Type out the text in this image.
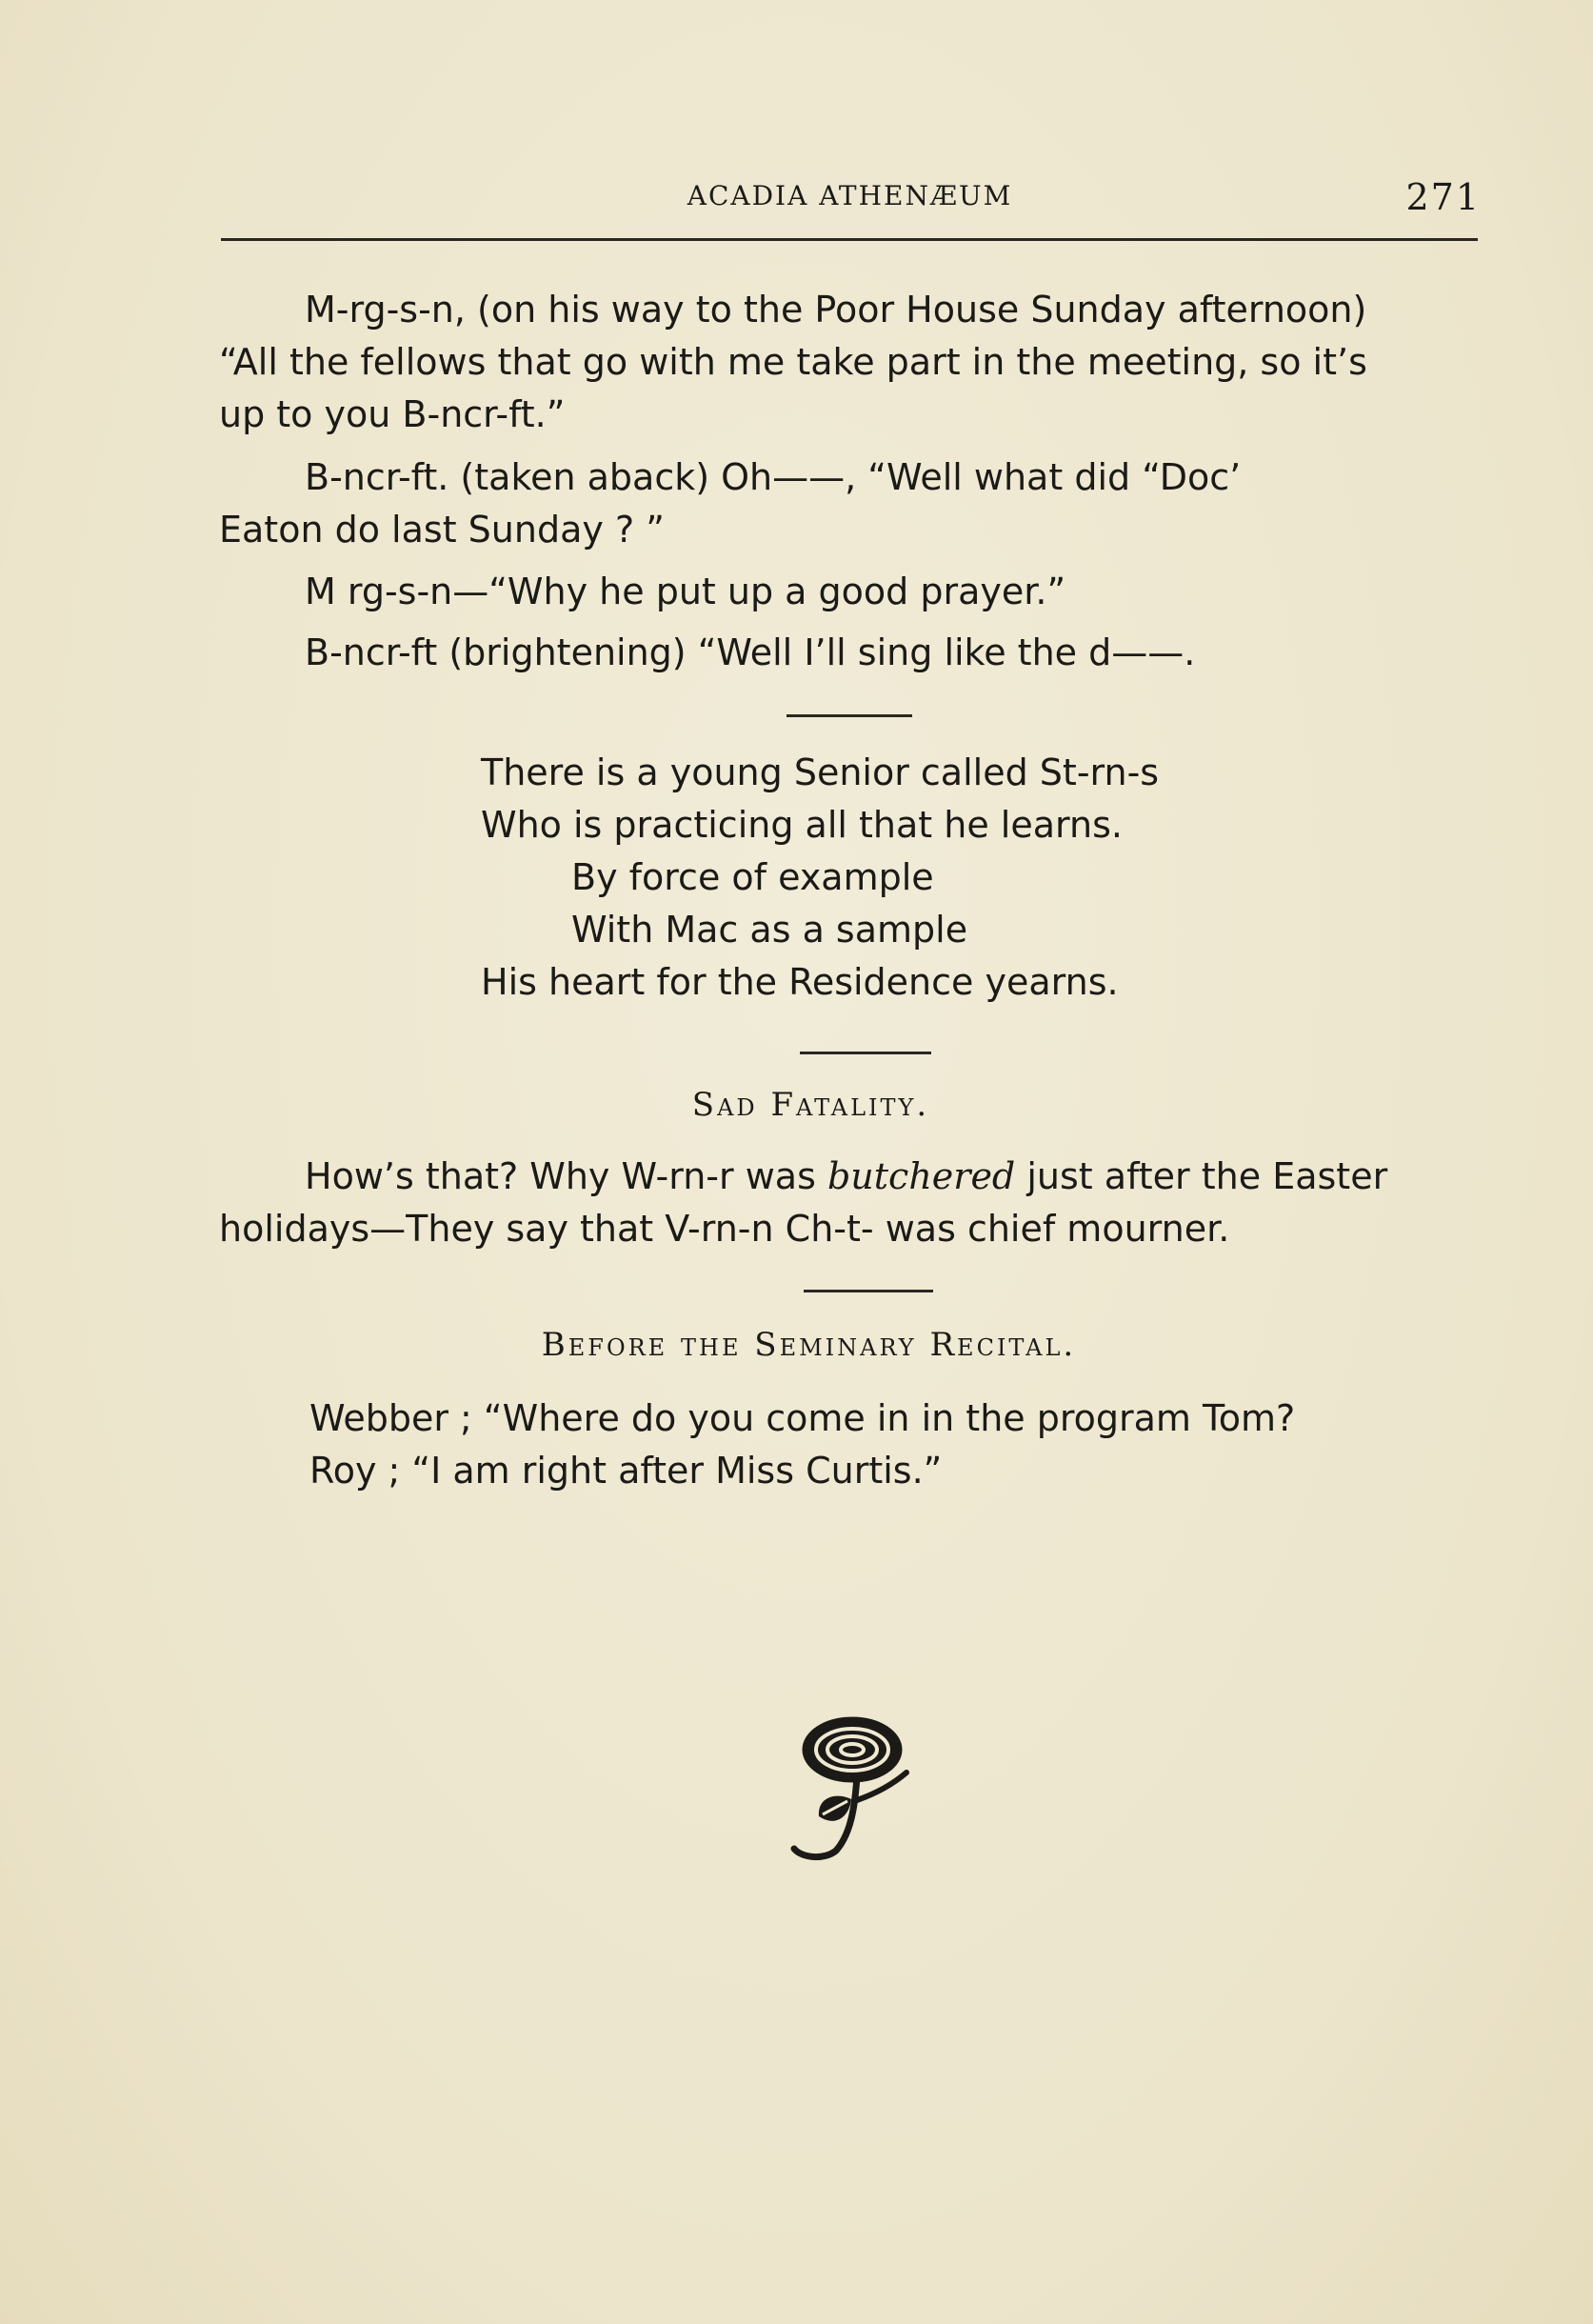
ACADIA ATHENÆUM	271
M-rg-s-n, (on his way to the Poor House Sunday afternoon)
“All the fellows that go with me take part in the meeting, so it’s
up to you B-ncr-ft.”
B-ncr-ft. (taken aback) Oh——, “Well what did “Doc’
Eaton do last Sunday ? ”
M rg-s-n—“Why he put up a good prayer.”
B-ncr-ft (brightening) “Well I’ll sing like the d——.
There is a young Senior called St-rn-s
Who is practicing all that he learns.
By force of example
With Mac as a sample
His heart for the Residence yearns.
Sad Fatality.
How’s that? Why W-rn-r was
butchered
just after the Easter
holidays—They say that V-rn-n Ch-t- was chief mourner.
Before the Seminary Recital.
Webber ; “Where do you come in in the program Tom?
Roy ; “I am right after Miss Curtis.”
